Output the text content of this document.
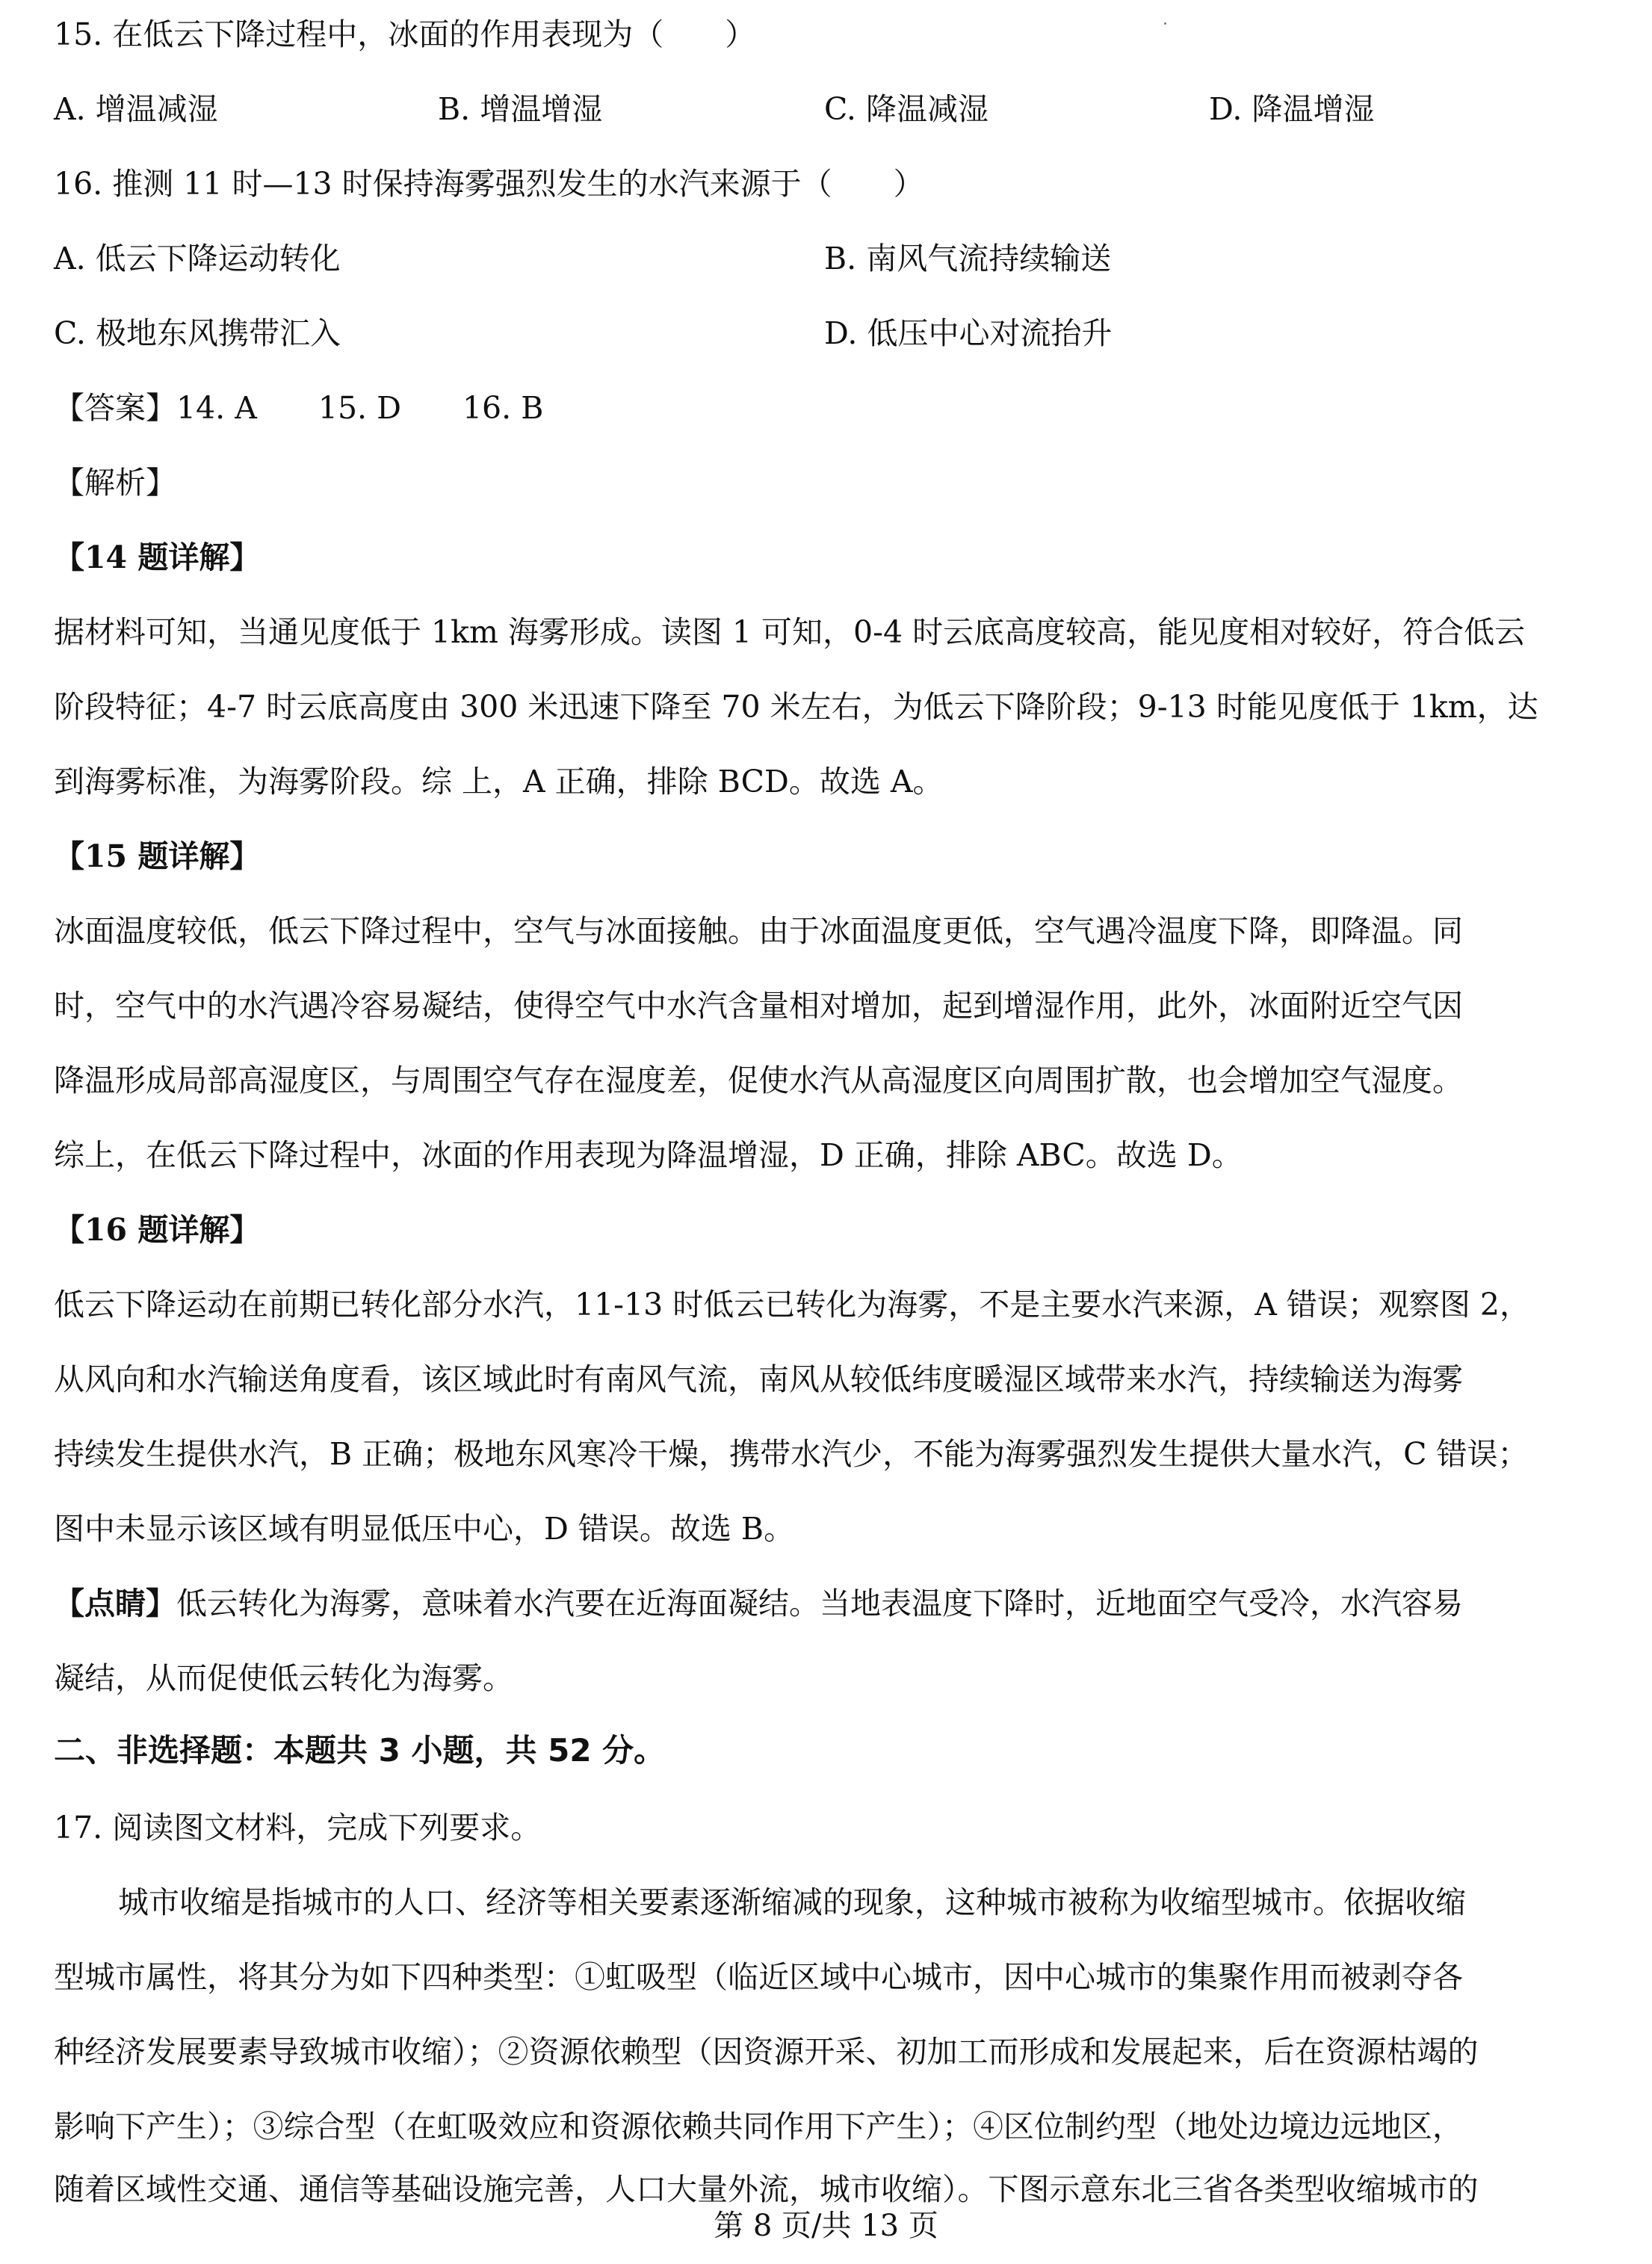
15. 在低云下降过程中，冰面的作用表现为（　　）
A. 增温减湿	B. 增温增湿	C. 降温减湿	D. 降温增湿
16. 推测 11 时—13 时保持海雾强烈发生的水汽来源于（　　）
A. 低云下降运动转化	B. 南风气流持续输送
C. 极地东风携带汇入	D. 低压中心对流抬升
【答案】14. A 15. D 16. B
【解析】
【14 题详解】
据材料可知，当通见度低于 1km 海雾形成。读图 1 可知，0-4 时云底高度较高，能见度相对较好，符合低云
阶段特征；4-7 时云底高度由 300 米迅速下降至 70 米左右，为低云下降阶段；9-13 时能见度低于 1km，达
到海雾标准，为海雾阶段。综 上，A 正确，排除 BCD。故选 A。
【15 题详解】
冰面温度较低，低云下降过程中，空气与冰面接触。由于冰面温度更低，空气遇冷温度下降，即降温。同
时，空气中的水汽遇冷容易凝结，使得空气中水汽含量相对增加，起到增湿作用，此外，冰面附近空气因
降温形成局部高湿度区，与周围空气存在湿度差，促使水汽从高湿度区向周围扩散，也会增加空气湿度。
综上，在低云下降过程中，冰面的作用表现为降温增湿，D 正确，排除 ABC。故选 D。
【16 题详解】
低云下降运动在前期已转化部分水汽，11-13 时低云已转化为海雾，不是主要水汽来源，A 错误；观察图 2，
从风向和水汽输送角度看，该区域此时有南风气流，南风从较低纬度暖湿区域带来水汽，持续输送为海雾
持续发生提供水汽，B 正确；极地东风寒冷干燥，携带水汽少，不能为海雾强烈发生提供大量水汽，C 错误；
图中未显示该区域有明显低压中心，D 错误。故选 B。
【点睛】低云转化为海雾，意味着水汽要在近海面凝结。当地表温度下降时，近地面空气受冷，水汽容易
凝结，从而促使低云转化为海雾。
二、非选择题：本题共 3 小题，共 52 分。
17. 阅读图文材料，完成下列要求。
城市收缩是指城市的人口、经济等相关要素逐渐缩减的现象，这种城市被称为收缩型城市。依据收缩
型城市属性，将其分为如下四种类型：①虹吸型（临近区域中心城市，因中心城市的集聚作用而被剥夺各
种经济发展要素导致城市收缩）；②资源依赖型（因资源开采、初加工而形成和发展起来，后在资源枯竭的
影响下产生）；③综合型（在虹吸效应和资源依赖共同作用下产生）；④区位制约型（地处边境边远地区，
随着区域性交通、通信等基础设施完善，人口大量外流，城市收缩）。下图示意东北三省各类型收缩城市的
第 8 页/共 13 页
